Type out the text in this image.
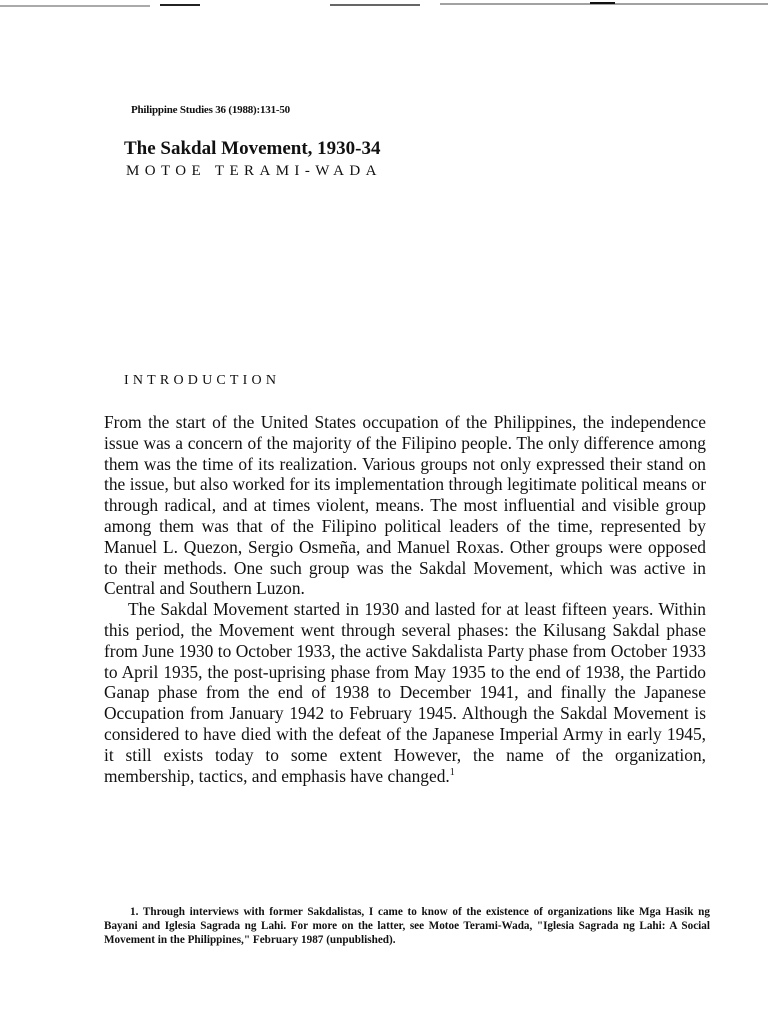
Philippine Studies 36 (1988):131-50
The Sakdal Movement, 1930-34
MOTOE TERAMI-WADA
INTRODUCTION

From the start of the United States occupation of the Philippines, the independence issue was a concern of the majority of the Filipino people. The only difference among them was the time of its realization. Various groups not only expressed their stand on the issue, but also worked for its implementation through legitimate political means or through radical, and at times violent, means. The most influential and visible group among them was that of the Filipino political leaders of the time, represented by Manuel L. Quezon, Sergio Osmeña, and Manuel Roxas. Other groups were opposed to their methods. One such group was the Sakdal Movement, which was active in Central and Southern Luzon.

The Sakdal Movement started in 1930 and lasted for at least fifteen years. Within this period, the Movement went through several phases: the Kilusang Sakdal phase from June 1930 to October 1933, the active Sakdalista Party phase from October 1933 to April 1935, the post-uprising phase from May 1935 to the end of 1938, the Partido Ganap phase from the end of 1938 to December 1941, and finally the Japanese Occupation from January 1942 to February 1945. Although the Sakdal Movement is considered to have died with the defeat of the Japanese Imperial Army in early 1945, it still exists today to some extent However, the name of the organization, membership, tactics, and emphasis have changed.$^1$

1. Through interviews with former Sakdalistas, I came to know of the existence of organizations like Mga Hasik ng Bayani and Iglesia Sagrada ng Lahi. For more on the latter, see Motoe Terami-Wada, "Iglesia Sagrada ng Lahi: A Social Movement in the Philippines," February 1987 (unpublished).
